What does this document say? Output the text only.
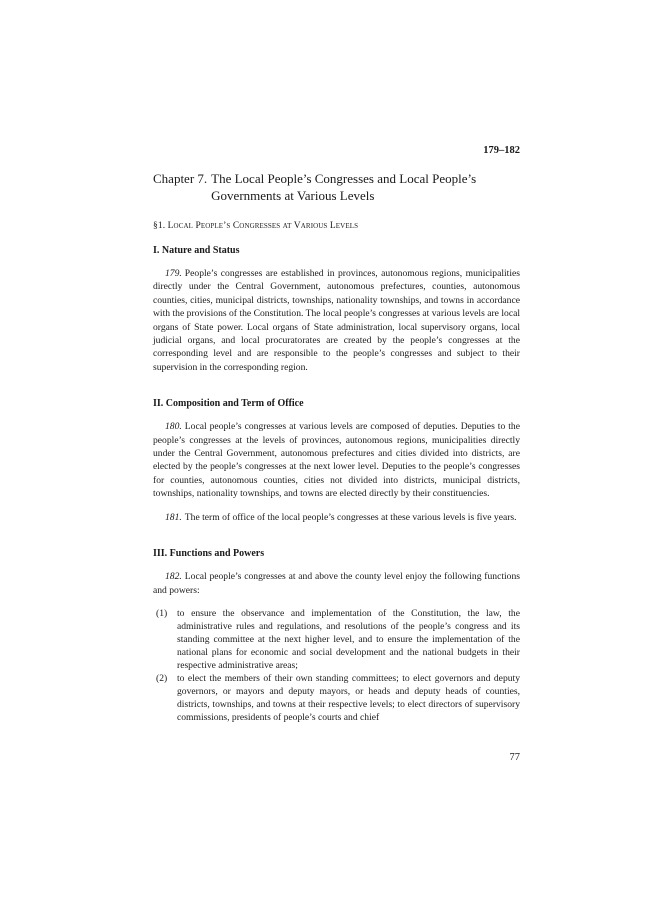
179–182
Chapter 7. The Local People’s Congresses and Local People’s Governments at Various Levels
§1. Local People’s Congresses at Various Levels
I. Nature and Status

179. People’s congresses are established in provinces, autonomous regions, municipalities directly under the Central Government, autonomous prefectures, counties, autonomous counties, cities, municipal districts, townships, nationality townships, and towns in accordance with the provisions of the Constitution. The local people’s congresses at various levels are local organs of State power. Local organs of State administration, local supervisory organs, local judicial organs, and local procuratorates are created by the people’s congresses at the corresponding level and are responsible to the people’s congresses and subject to their supervision in the corresponding region.

II. Composition and Term of Office

180. Local people’s congresses at various levels are composed of deputies. Deputies to the people’s congresses at the levels of provinces, autonomous regions, municipalities directly under the Central Government, autonomous prefectures and cities divided into districts, are elected by the people’s congresses at the next lower level. Deputies to the people’s congresses for counties, autonomous counties, cities not divided into districts, municipal districts, townships, nationality townships, and towns are elected directly by their constituencies.

181. The term of office of the local people’s congresses at these various levels is five years.

III. Functions and Powers

182. Local people’s congresses at and above the county level enjoy the following functions and powers:

(1)	to ensure the observance and implementation of the Constitution, the law, the administrative rules and regulations, and resolutions of the people’s congress and its standing committee at the next higher level, and to ensure the implementation of the national plans for economic and social development and the national budgets in their respective administrative areas;
(2)	to elect the members of their own standing committees; to elect governors and deputy governors, or mayors and deputy mayors, or heads and deputy heads of counties, districts, townships, and towns at their respective levels; to elect directors of supervisory commissions, presidents of people’s courts and chief
77
